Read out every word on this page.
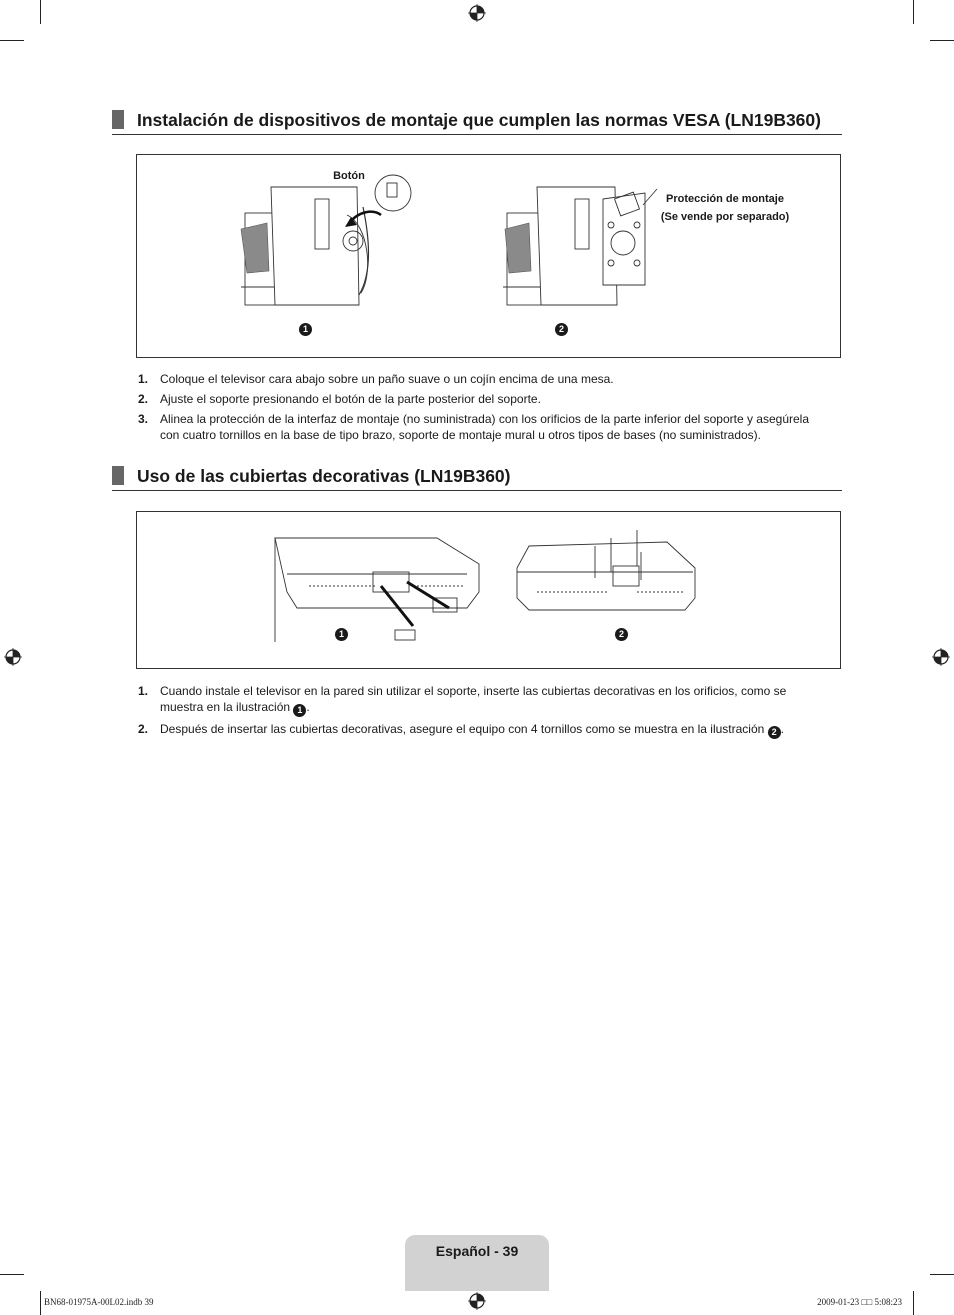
Instalación de dispositivos de montaje que cumplen las normas VESA (LN19B360)
Botón
Protección de montaje
(Se vende por separado)
1	2
1. Coloque el televisor cara abajo sobre un paño suave o un cojín encima de una mesa.
2. Ajuste el soporte presionando el botón de la parte posterior del soporte.
3. Alinea la protección de la interfaz de montaje (no suministrada) con los orificios de la parte inferior del soporte y asegúrela con cuatro tornillos en la base de tipo brazo, soporte de montaje mural u otros tipos de bases (no suministrados).
Uso de las cubiertas decorativas (LN19B360)
1	2
1. Cuando instale el televisor en la pared sin utilizar el soporte, inserte las cubiertas decorativas en los orificios, como se muestra en la ilustración 1 .
2. Después de insertar las cubiertas decorativas, asegure el equipo con 4 tornillos como se muestra en la ilustración 2 .
Español - 39
BN68-01975A-00L02.indb 39	2009-01-23 □□ 5:08:23
